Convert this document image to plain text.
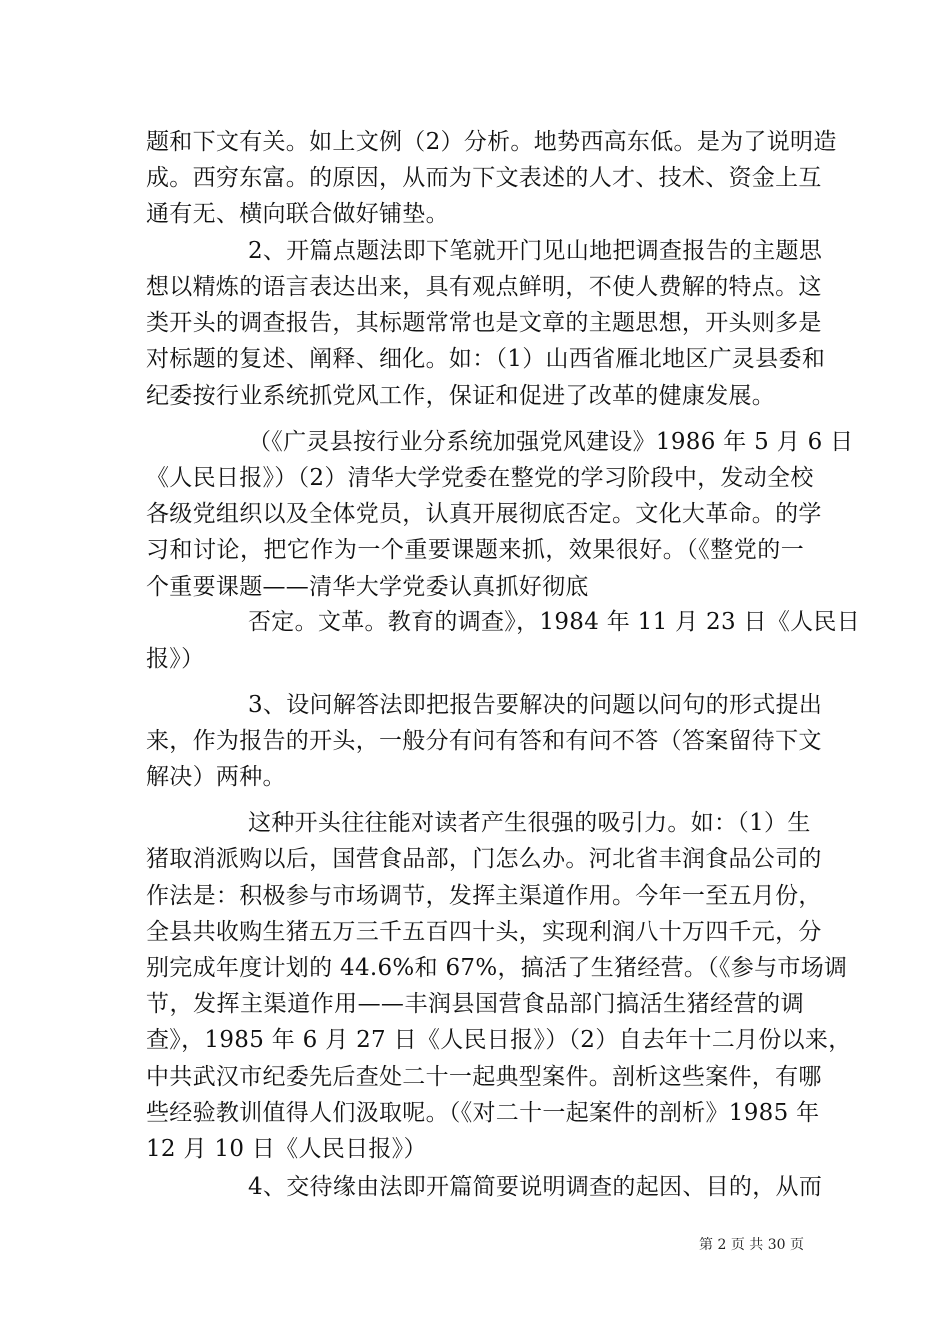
题和下文有关。如上文例（2）分析。地势西高东低。是为了说明造
成。西穷东富。的原因，从而为下文表述的人才、技术、资金上互
通有无、横向联合做好铺垫。
2、开篇点题法即下笔就开门见山地把调查报告的主题思
想以精炼的语言表达出来，具有观点鲜明，不使人费解的特点。这
类开头的调查报告，其标题常常也是文章的主题思想，开头则多是
对标题的复述、阐释、细化。如：（1）山西省雁北地区广灵县委和
纪委按行业系统抓党风工作，保证和促进了改革的健康发展。
（《广灵县按行业分系统加强党风建设》1986 年 5 月 6 日
《人民日报》）（2）清华大学党委在整党的学习阶段中，发动全校
各级党组织以及全体党员，认真开展彻底否定。文化大革命。的学
习和讨论，把它作为一个重要课题来抓，效果很好。（《整党的一
个重要课题——清华大学党委认真抓好彻底
否定。文革。教育的调查》，1984 年 11 月 23 日《人民日
报》）
3、设问解答法即把报告要解决的问题以问句的形式提出
来，作为报告的开头，一般分有问有答和有问不答（答案留待下文
解决）两种。
这种开头往往能对读者产生很强的吸引力。如：（1）生
猪取消派购以后，国营食品部，门怎么办。河北省丰润食品公司的
作法是：积极参与市场调节，发挥主渠道作用。今年一至五月份，
全县共收购生猪五万三千五百四十头，实现利润八十万四千元，分
别完成年度计划的 44.6%和 67%，搞活了生猪经营。（《参与市场调
节，发挥主渠道作用——丰润县国营食品部门搞活生猪经营的调
查》，1985 年 6 月 27 日《人民日报》）（2）自去年十二月份以来，
中共武汉市纪委先后查处二十一起典型案件。剖析这些案件，有哪
些经验教训值得人们汲取呢。（《对二十一起案件的剖析》1985 年
12 月 10 日《人民日报》）
4、交待缘由法即开篇简要说明调查的起因、目的，从而
第 2 页 共 30 页
